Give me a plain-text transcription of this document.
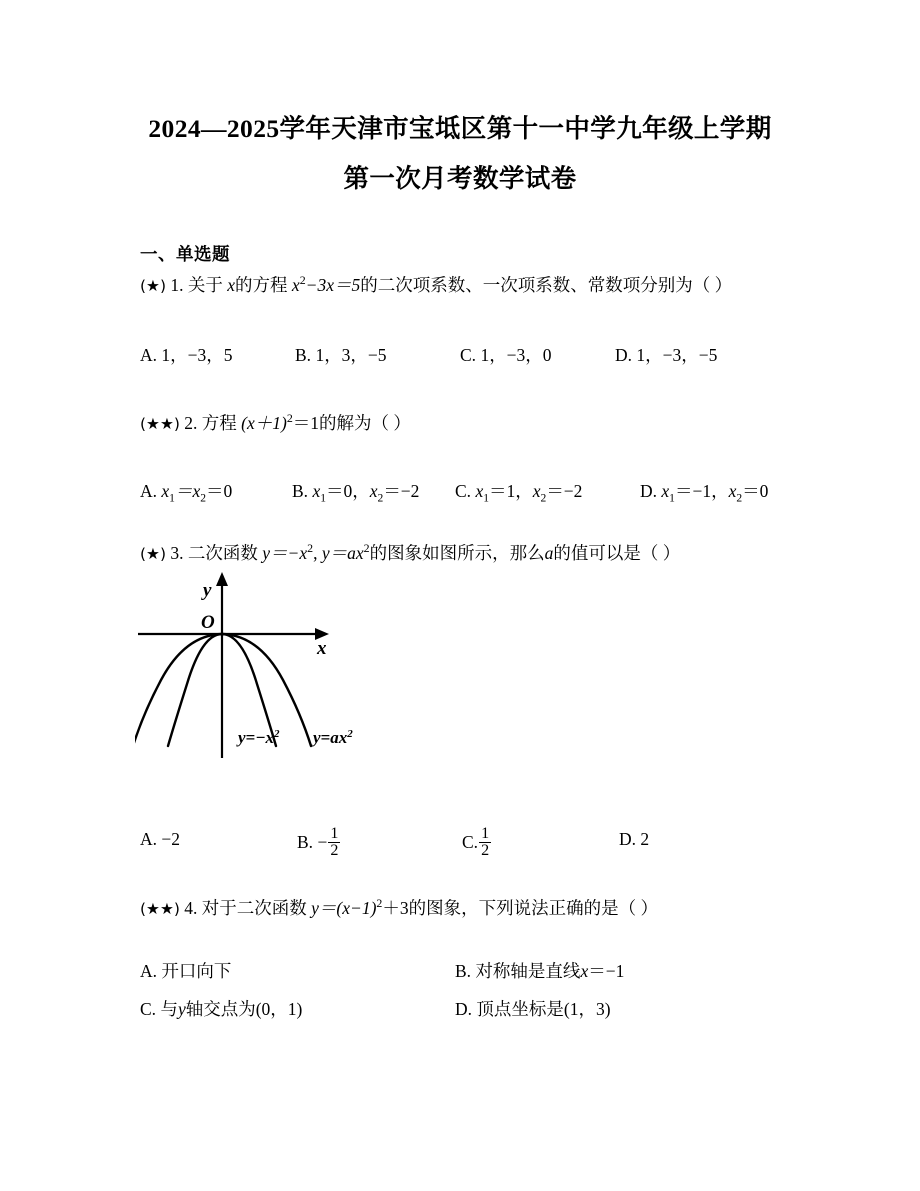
2024—2025学年天津市宝坻区第十一中学九年级上学期第一次月考数学试卷
一、单选题
(★) 1. 关于 x的方程 $x^2-3x=5$的二次项系数、一次项系数、常数项分别为（ ）
A. 1，−3，5	B. 1，3，−5	C. 1，−3，0	D. 1，−3，−5
(★★) 2. 方程 $(x+1)^2=1$的解为（ ）
A. $x_1=x_2=0$	B. $x_1=0$，$x_2=-2$ C. $x_1=1$，$x_2=-2$	D. $x_1=-1$，$x_2=0$
(★) 3. 二次函数 $y=-x^2$, $y=ax^2$的图象如图所示，那么a的值可以是（ ）
y
x
O
$y=-x^2$ $y=ax^2$
A. −2	B. − $\frac{1}{2}$	C. $\frac{1}{2}$	D. 2
(★★) 4. 对于二次函数 $y=(x-1)^2+3$的图象，下列说法正确的是（ ）
A. 开口向下	B. 对称轴是直线x＝−1
C. 与y轴交点为(0，1)	D. 顶点坐标是(1，3)
